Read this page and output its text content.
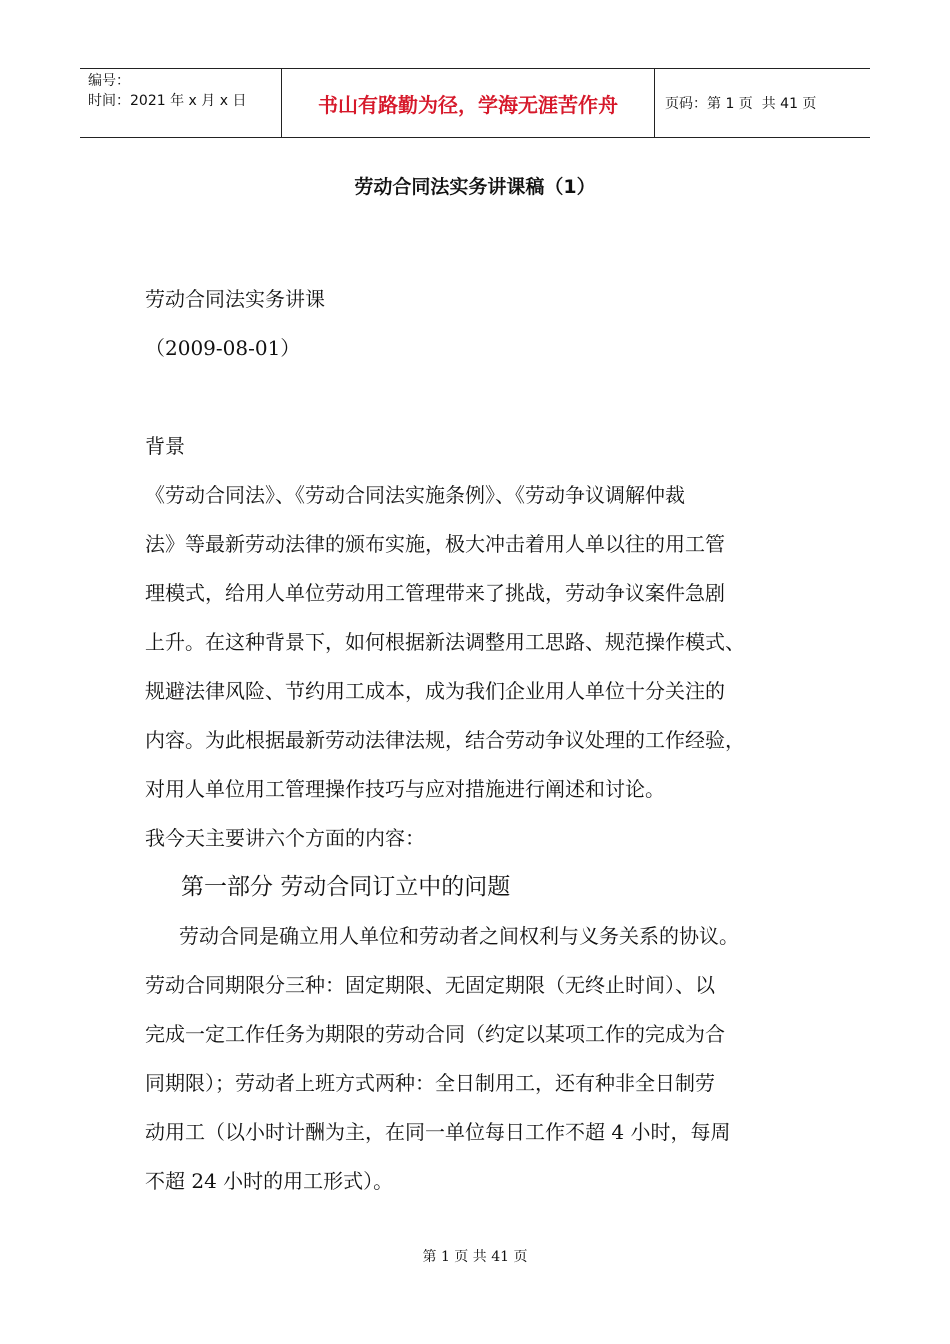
编号：
时间：2021 年 x 月 x 日	书山有路勤为径，学海无涯苦作舟	页码：第 1 页  共 41 页
劳动合同法实务讲课稿（1）

劳动合同法实务讲课

（2009-08-01）

背景

《劳动合同法》、《劳动合同法实施条例》、《劳动争议调解仲裁

法》等最新劳动法律的颁布实施，极大冲击着用人单以往的用工管

理模式，给用人单位劳动用工管理带来了挑战，劳动争议案件急剧

上升。在这种背景下，如何根据新法调整用工思路、规范操作模式、

规避法律风险、节约用工成本，成为我们企业用人单位十分关注的

内容。为此根据最新劳动法律法规，结合劳动争议处理的工作经验，

对用人单位用工管理操作技巧与应对措施进行阐述和讨论。

我今天主要讲六个方面的内容：

第一部分 劳动合同订立中的问题

劳动合同是确立用人单位和劳动者之间权利与义务关系的协议。

劳动合同期限分三种：固定期限、无固定期限（无终止时间）、以

完成一定工作任务为期限的劳动合同（约定以某项工作的完成为合

同期限）；劳动者上班方式两种：全日制用工，还有种非全日制劳

动用工（以小时计酬为主，在同一单位每日工作不超 4 小时，每周

不超 24 小时的用工形式）。

第 1 页 共 41 页
